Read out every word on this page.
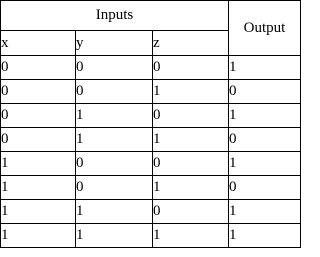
Inputs			Output
x	y	z	
0	0	0	1
0	0	1	0
0	1	0	1
0	1	1	0
1	0	0	1
1	0	1	0
1	1	0	1
1	1	1	1
